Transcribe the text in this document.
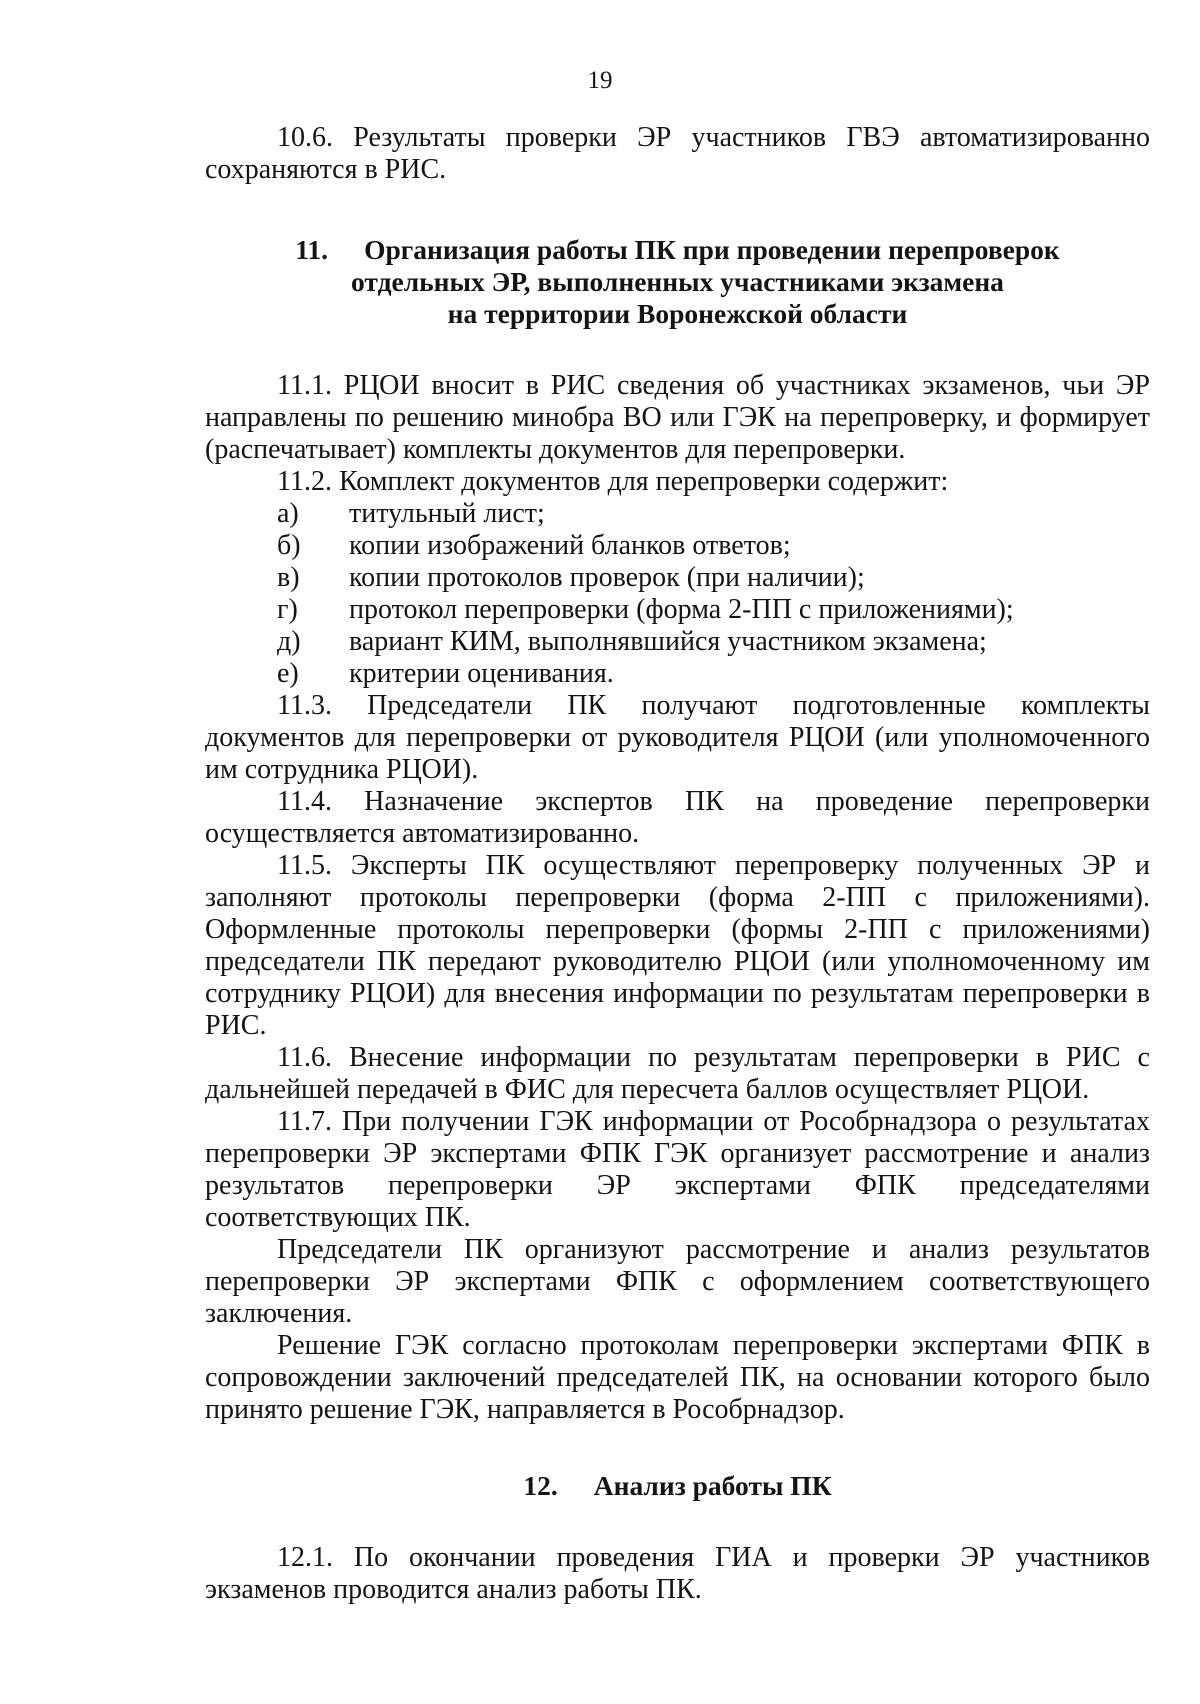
19

10.6. Результаты проверки ЭР участников ГВЭ автоматизированно сохраняются в РИС.

11. Организация работы ПК при проведении перепроверок
отдельных ЭР, выполненных участниками экзамена
на территории Воронежской области

11.1. РЦОИ вносит в РИС сведения об участниках экзаменов, чьи ЭР направлены по решению минобра ВО или ГЭК на перепроверку, и формирует (распечатывает) комплекты документов для перепроверки.

11.2. Комплект документов для перепроверки содержит:

а)	титульный лист;
б)	копии изображений бланков ответов;
в)	копии протоколов проверок (при наличии);
г)	протокол перепроверки (форма 2-ПП с приложениями);
д)	вариант КИМ, выполнявшийся участником экзамена;
е)	критерии оценивания.

11.3. Председатели ПК получают подготовленные комплекты документов для перепроверки от руководителя РЦОИ (или уполномоченного им сотрудника РЦОИ).

11.4. Назначение экспертов ПК на проведение перепроверки осуществляется автоматизированно.

11.5. Эксперты ПК осуществляют перепроверку полученных ЭР и заполняют протоколы перепроверки (форма 2-ПП с приложениями). Оформленные протоколы перепроверки (формы 2-ПП с приложениями) председатели ПК передают руководителю РЦОИ (или уполномоченному им сотруднику РЦОИ) для внесения информации по результатам перепроверки в РИС.

11.6. Внесение информации по результатам перепроверки в РИС с дальнейшей передачей в ФИС для пересчета баллов осуществляет РЦОИ.

11.7. При получении ГЭК информации от Рособрнадзора о результатах перепроверки ЭР экспертами ФПК ГЭК организует рассмотрение и анализ результатов перепроверки ЭР экспертами ФПК председателями соответствующих ПК.

Председатели ПК организуют рассмотрение и анализ результатов перепроверки ЭР экспертами ФПК с оформлением соответствующего заключения.

Решение ГЭК согласно протоколам перепроверки экспертами ФПК в сопровождении заключений председателей ПК, на основании которого было принято решение ГЭК, направляется в Рособрнадзор.

12. Анализ работы ПК

12.1. По окончании проведения ГИА и проверки ЭР участников экзаменов проводится анализ работы ПК.
